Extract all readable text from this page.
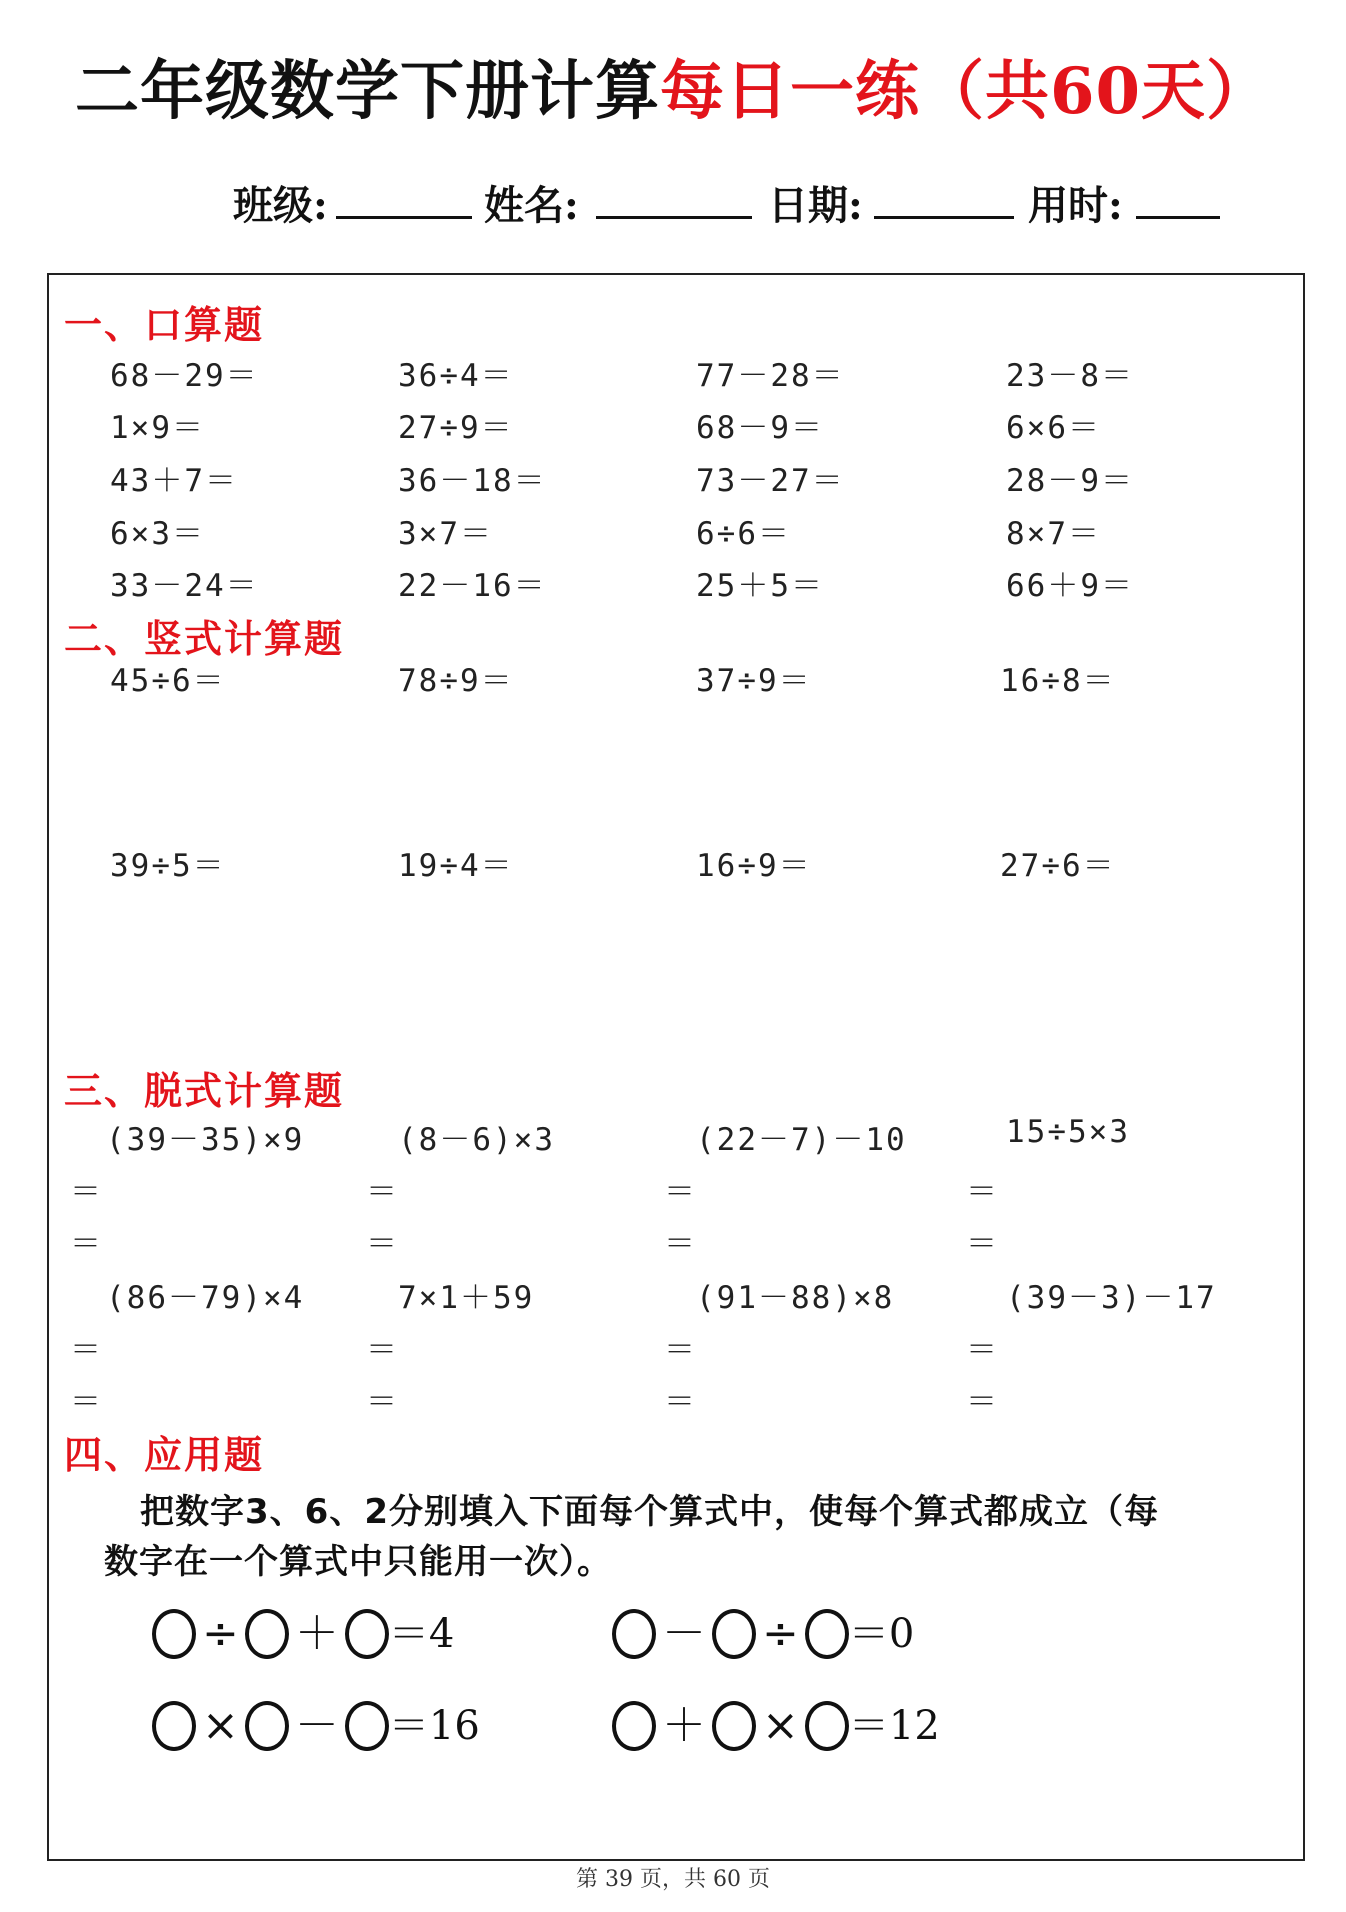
二年级数学下册计算每日一练（共60天）
班级:	姓名:	日期:	用时:
一、口算题
68－29＝	36÷4＝	77－28＝	23－8＝
1×9＝	27÷9＝	68－9＝	6×6＝
43＋7＝	36－18＝	73－27＝	28－9＝
6×3＝	3×7＝	6÷6＝	8×7＝
33－24＝	22－16＝	25＋5＝	66＋9＝
二、竖式计算题
45÷6＝	78÷9＝	37÷9＝	16÷8＝
39÷5＝	19÷4＝	16÷9＝	27÷6＝
三、脱式计算题
(39－35)×9
＝
＝
(8－6)×3
＝
＝
(22－7)－10
＝
＝
15÷5×3
＝
＝
(86－79)×4
＝
＝
7×1＋59
＝
＝
(91－88)×8
＝
＝
(39－3)－17
＝
＝
四、应用题
把数字3、6、2分别填入下面每个算式中，使每个算式都成立（每
数字在一个算式中只能用一次）。
÷ ＋ ＝4	－ ÷ ＝0
× － ＝16	＋ × ＝12
第 39 页，共 60 页
